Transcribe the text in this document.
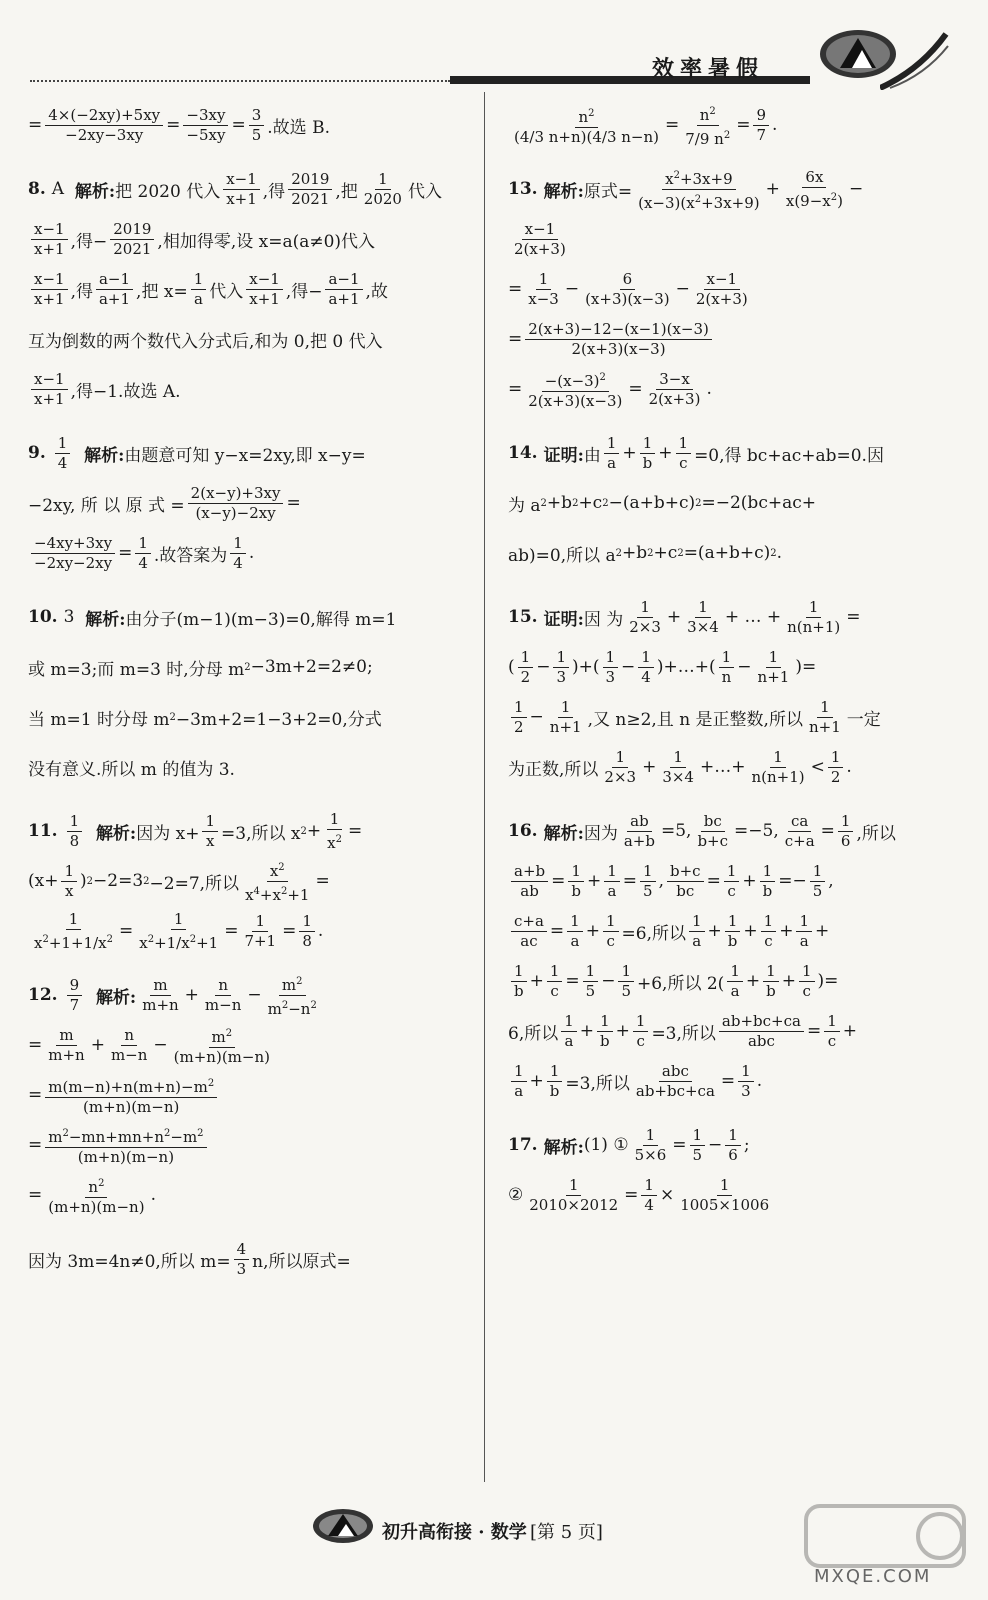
效率暑假
= $\frac{4\times(-2xy)+5xy}{-2xy-3xy} = \frac{-3xy}{-5xy} = \frac{3}{5}$ .故选 B.
8. A 解析: 把 2020 代入 $\frac{x-1}{x+1}$ ,得 $\frac{2019}{2021}$ ,把 $\frac{1}{2020}$ 代入
$\frac{x-1}{x+1}$ ,得− $\frac{2019}{2021}$ ,相加得零,设 x=a(a≠0)代入
$\frac{x-1}{x+1}$ ,得 $\frac{a-1}{a+1}$ ,把 $x= \frac{1}{a}$ 代入 $\frac{x-1}{x+1}$ ,得− $\frac{a-1}{a+1}$ ,故
互为倒数的两个数代入分式后,和为 0,把 0 代入
$\frac{x-1}{x+1}$ ,得−1.故选 A.
9. $\frac{1}{4}$
解析: 由题意可知 y−x=2xy,即 x−y=
−2xy, 所 以 原 式 = $\frac{2(x-y)+3xy}{(x-y)-2xy}$ =
$\frac{-4xy+3xy}{-2xy-2xy} = \frac{1}{4}$ .故答案为 $\frac{1}{4}$ .
10. 3 解析: 由分子(m−1)(m−3)=0,解得 m=1
或 m=3;而 m=3 时,分母 m 2 −3m+2=2≠0;
当 m=1 时分母 m 2 −3m+2=1−3+2=0,分式
没有意义.所以 m 的值为 3.
11. $\frac{1}{8}$
解析: 因为 $x+ \frac{1}{x} =3$,所以 x $2 + \frac{1}{x^2}$ =
($x+ \frac{1}{x}$ ) 2 −2=3 2 −2=7,所以 $\frac{x^2}{x^4+x^2+1}$ =
$\frac{1}{x^2+1+1/x^2} = \frac{1}{x^2+1/x^2+1} = \frac{1}{7+1} = \frac{1}{8}$ .
12. $\frac{9}{7}$
解析: $\frac{m}{m+n} + \frac{n}{m-n} - \frac{m^2}{m^2-n^2}$
= $\frac{m}{m+n} + \frac{n}{m-n} - \frac{m^2}{(m+n)(m-n)}$
= $\frac{m(m-n)+n(m+n)-m^2}{(m+n)(m-n)}$
= $\frac{m^2-mn+mn+n^2-m^2}{(m+n)(m-n)}$
= $\frac{n^2}{(m+n)(m-n)}$ .
因为 3m=4n≠0,所以 $m= \frac{4}{3} n$,所以原式=
$\frac{n^2}{(4/3 n+n)(4/3 n-n)} = \frac{n^2}{7/9 n^2} = \frac{9}{7}$ .
13. 解析: 原式= $\frac{x^2+3x+9}{(x-3)(x^2+3x+9)} + \frac{6x}{x(9-x^2)}$ −
$\frac{x-1}{2(x+3)}$
= $\frac{1}{x-3} - \frac{6}{(x+3)(x-3)} - \frac{x-1}{2(x+3)}$
= $\frac{2(x+3)-12-(x-1)(x-3)}{2(x+3)(x-3)}$
= $\frac{-(x-3)^2}{2(x+3)(x-3)} = \frac{3-x}{2(x+3)}$ .
14. 证明: 由 $\frac{1}{a} + \frac{1}{b} + \frac{1}{c} =0$,得 bc+ac+ab=0.因
为 a 2 +b 2 +c 2 −(a+b+c) 2 =−2(bc+ac+
ab)=0,所以 a 2 +b 2 +c 2 =(a+b+c) 2 .
15. 证明: 因 为 $\frac{1}{2\times 3} + \frac{1}{3\times 4}$ + … + $\frac{1}{n(n+1)}$ =
( $\frac{1}{2} - \frac{1}{3}$ )+( $\frac{1}{3} - \frac{1}{4}$ )+…+( $\frac{1}{n} - \frac{1}{n+1}$ )=
$\frac{1}{2} - \frac{1}{n+1}$ ,又 n≥2,且 n 是正整数,所以 $\frac{1}{n+1}$ 一定
为正数,所以 $\frac{1}{2\times 3} + \frac{1}{3\times 4}$ +…+ $\frac{1}{n(n+1)} < \frac{1}{2}$ .
16. 解析: 因为 $\frac{ab}{a+b} =5$, $\frac{bc}{b+c} =-5$, $\frac{ca}{c+a} = \frac{1}{6}$ ,所以
$\frac{a+b}{ab} = \frac{1}{b} + \frac{1}{a} = \frac{1}{5}$ , $\frac{b+c}{bc} = \frac{1}{c} + \frac{1}{b} =- \frac{1}{5}$ ,
$\frac{c+a}{ac} = \frac{1}{a} + \frac{1}{c} =6$,所以 $\frac{1}{a} + \frac{1}{b} + \frac{1}{c} + \frac{1}{a}$ +
$\frac{1}{b} + \frac{1}{c} = \frac{1}{5} - \frac{1}{5} +6$,所以 $2( \frac{1}{a} + \frac{1}{b} + \frac{1}{c}$ )=
6,所以 $\frac{1}{a} + \frac{1}{b} + \frac{1}{c} =3$,所以 $\frac{ab+bc+ca}{\text{abc}} = \frac{1}{c}$ +
$\frac{1}{a} + \frac{1}{b} =3$,所以 $\frac{\text{abc}}{ab+bc+ca} = \frac{1}{3}$ .
17. 解析: (1) ① $\frac{1}{5\times 6} = \frac{1}{5} - \frac{1}{6}$ ;
② $\frac{1}{2010\times 2012} = \frac{1}{4} \times \frac{1}{1005\times 1006}$
初升高衔接 · 数学 [第 5 页]
MXQE.COM
